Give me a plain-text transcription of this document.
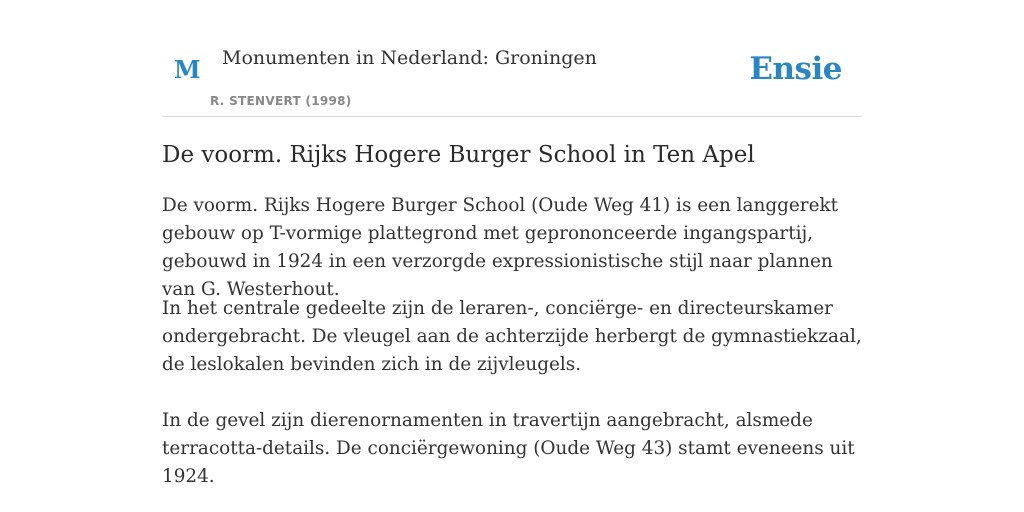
M Monumenten in Nederland: Groningen
R. STENVERT (1998)
Ensie
De voorm. Rijks Hogere Burger School in Ten Apel

De voorm. Rijks Hogere Burger School (Oude Weg 41) is een langgerekt gebouw op T-vormige plattegrond met geprononceerde ingangspartij, gebouwd in 1924 in een verzorgde expressionistische stijl naar plannen van G. Westerhout.

In het centrale gedeelte zijn de leraren-, conciërge- en directeurskamer ondergebracht. De vleugel aan de achterzijde herbergt de gymnastiekzaal, de leslokalen bevinden zich in de zijvleugels.

In de gevel zijn dierenornamenten in travertijn aangebracht, alsmede terracotta-details. De conciërgewoning (Oude Weg 43) stamt eveneens uit 1924.
